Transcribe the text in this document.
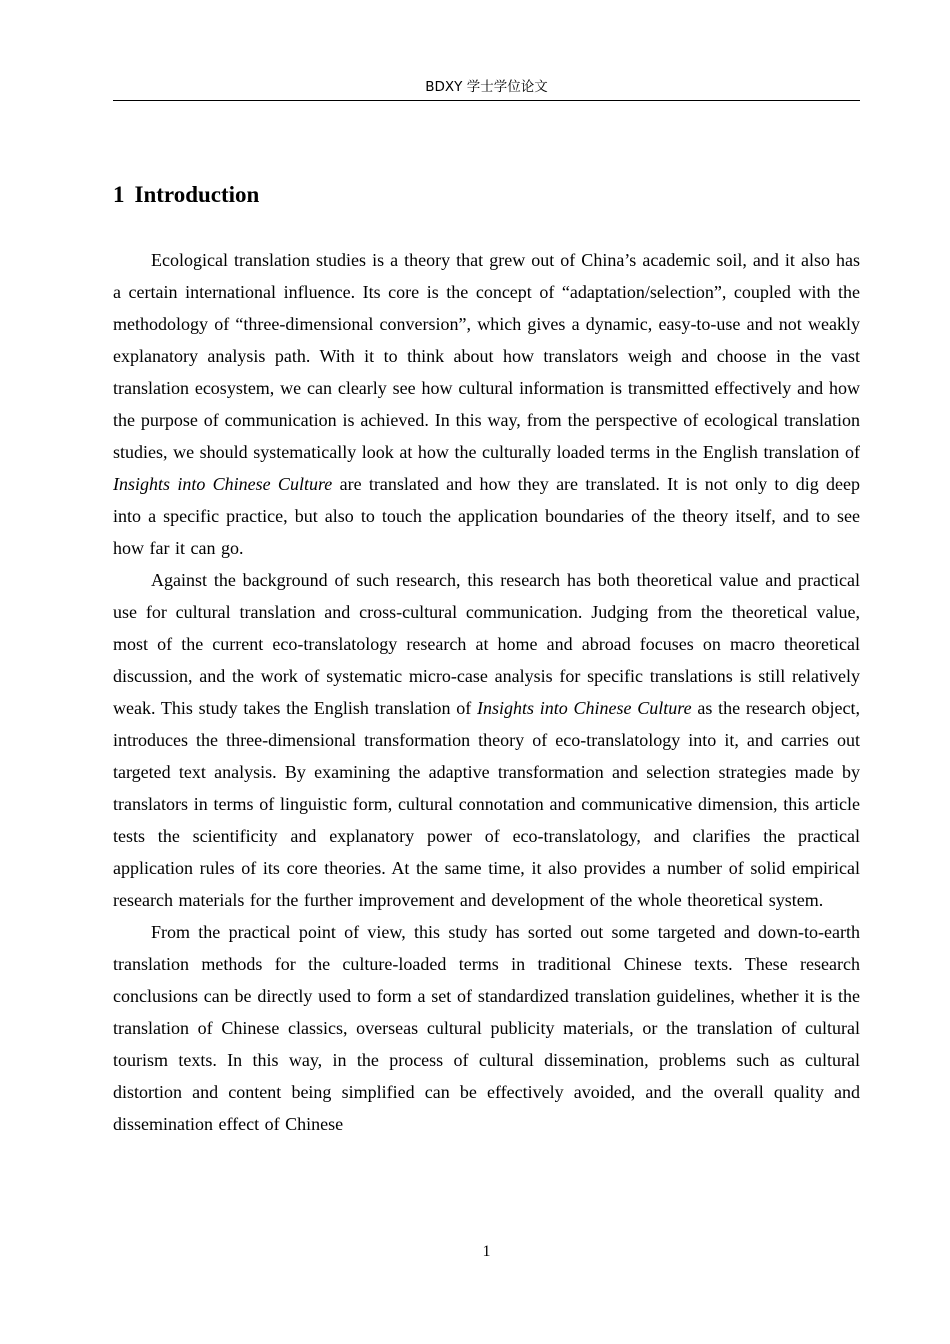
BDXY 学士学位论文
1 Introduction

Ecological translation studies is a theory that grew out of China’s academic soil, and it also has a certain international influence. Its core is the concept of “adaptation/selection”, coupled with the methodology of “three-dimensional conversion”, which gives a dynamic, easy-to-use and not weakly explanatory analysis path. With it to think about how translators weigh and choose in the vast translation ecosystem, we can clearly see how cultural information is transmitted effectively and how the purpose of communication is achieved. In this way, from the perspective of ecological translation studies, we should systematically look at how the culturally loaded terms in the English translation of Insights into Chinese Culture are translated and how they are translated. It is not only to dig deep into a specific practice, but also to touch the application boundaries of the theory itself, and to see how far it can go.

Against the background of such research, this research has both theoretical value and practical use for cultural translation and cross-cultural communication. Judging from the theoretical value, most of the current eco-translatology research at home and abroad focuses on macro theoretical discussion, and the work of systematic micro-case analysis for specific translations is still relatively weak. This study takes the English translation of Insights into Chinese Culture as the research object, introduces the three-dimensional transformation theory of eco-translatology into it, and carries out targeted text analysis. By examining the adaptive transformation and selection strategies made by translators in terms of linguistic form, cultural connotation and communicative dimension, this article tests the scientificity and explanatory power of eco-translatology, and clarifies the practical application rules of its core theories. At the same time, it also provides a number of solid empirical research materials for the further improvement and development of the whole theoretical system.

From the practical point of view, this study has sorted out some targeted and down-to-earth translation methods for the culture-loaded terms in traditional Chinese texts. These research conclusions can be directly used to form a set of standardized translation guidelines, whether it is the translation of Chinese classics, overseas cultural publicity materials, or the translation of cultural tourism texts. In this way, in the process of cultural dissemination, problems such as cultural distortion and content being simplified can be effectively avoided, and the overall quality and dissemination effect of Chinese

1
